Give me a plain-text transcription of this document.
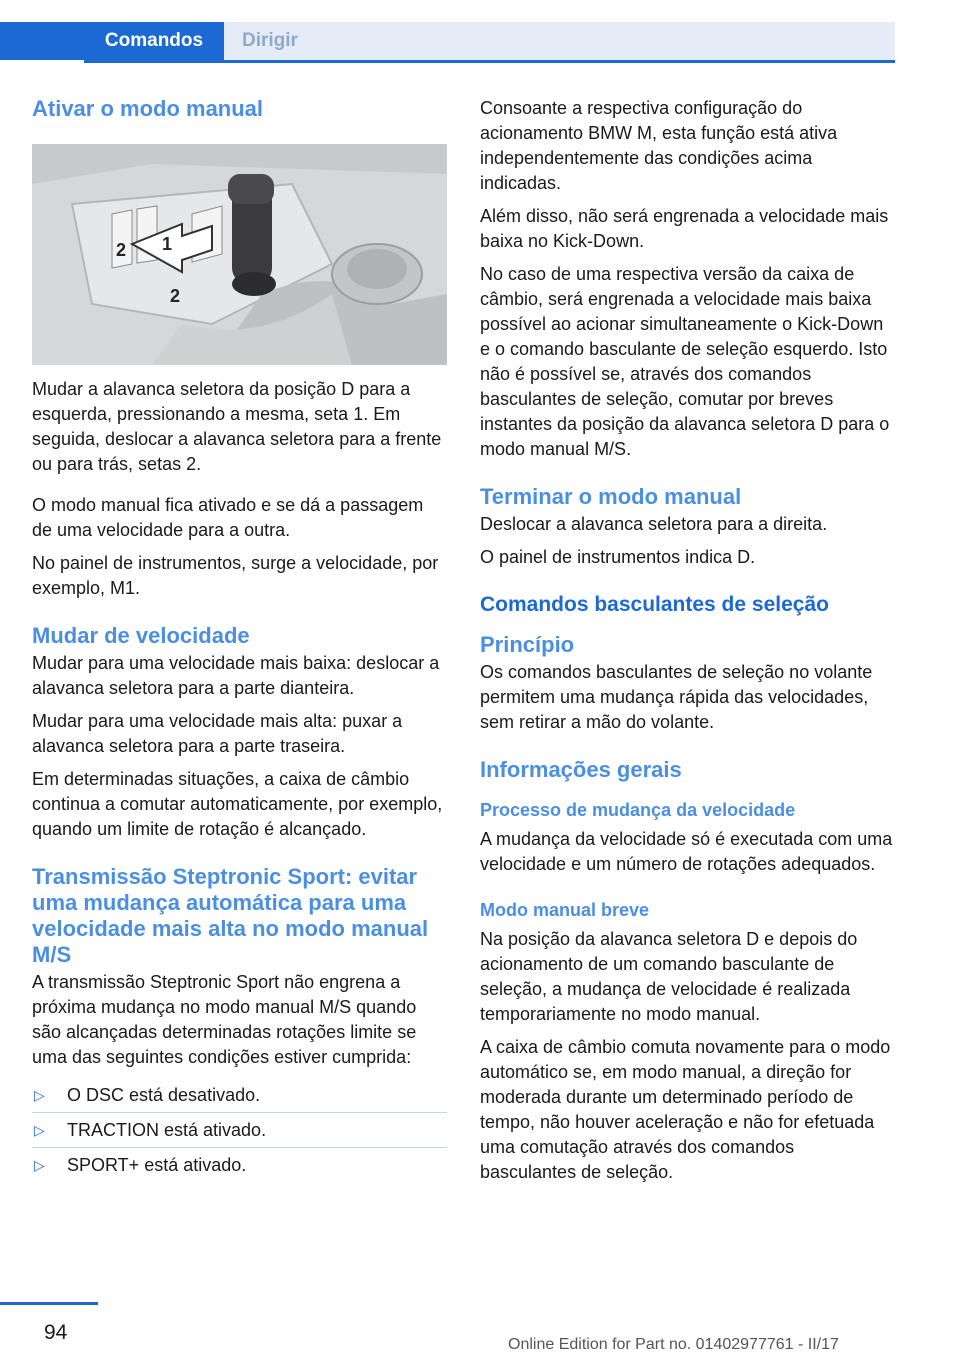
Comandos	Dirigir
Ativar o modo manual
1
2
2

Mudar a alavanca seletora da posição D para a esquerda, pressionando a mesma, seta 1. Em seguida, deslocar a alavanca seletora para a frente ou para trás, setas 2.

O modo manual fica ativado e se dá a passagem de uma velocidade para a outra.

No painel de instrumentos, surge a velocidade, por exemplo, M1.

Mudar de velocidade

Mudar para uma velocidade mais baixa: deslocar a alavanca seletora para a parte dianteira.

Mudar para uma velocidade mais alta: puxar a alavanca seletora para a parte traseira.

Em determinadas situações, a caixa de câmbio continua a comutar automaticamente, por exemplo, quando um limite de rotação é alcançado.

Transmissão Steptronic Sport: evitar uma mudança automática para uma velocidade mais alta no modo manual M/S

A transmissão Steptronic Sport não engrena a próxima mudança no modo manual M/S quando são alcançadas determinadas rotações limite se uma das seguintes condições estiver cumprida:

▷	O DSC está desativado.
▷	TRACTION está ativado.
▷	SPORT+ está ativado.

Consoante a respectiva configuração do acionamento BMW M, esta função está ativa independentemente das condições acima indicadas.

Além disso, não será engrenada a velocidade mais baixa no Kick-Down.

No caso de uma respectiva versão da caixa de câmbio, será engrenada a velocidade mais baixa possível ao acionar simultaneamente o Kick-Down e o comando basculante de seleção esquerdo. Isto não é possível se, através dos comandos basculantes de seleção, comutar por breves instantes da posição da alavanca seletora D para o modo manual M/S.

Terminar o modo manual

Deslocar a alavanca seletora para a direita.

O painel de instrumentos indica D.

Comandos basculantes de seleção
Princípio

Os comandos basculantes de seleção no volante permitem uma mudança rápida das velocidades, sem retirar a mão do volante.

Informações gerais
Processo de mudança da velocidade

A mudança da velocidade só é executada com uma velocidade e um número de rotações adequados.

Modo manual breve

Na posição da alavanca seletora D e depois do acionamento de um comando basculante de seleção, a mudança de velocidade é realizada temporariamente no modo manual.

A caixa de câmbio comuta novamente para o modo automático se, em modo manual, a direção for moderada durante um determinado período de tempo, não houver aceleração e não for efetuada uma comutação através dos comandos basculantes de seleção.

94
Online Edition for Part no. 01402977761 - II/17
